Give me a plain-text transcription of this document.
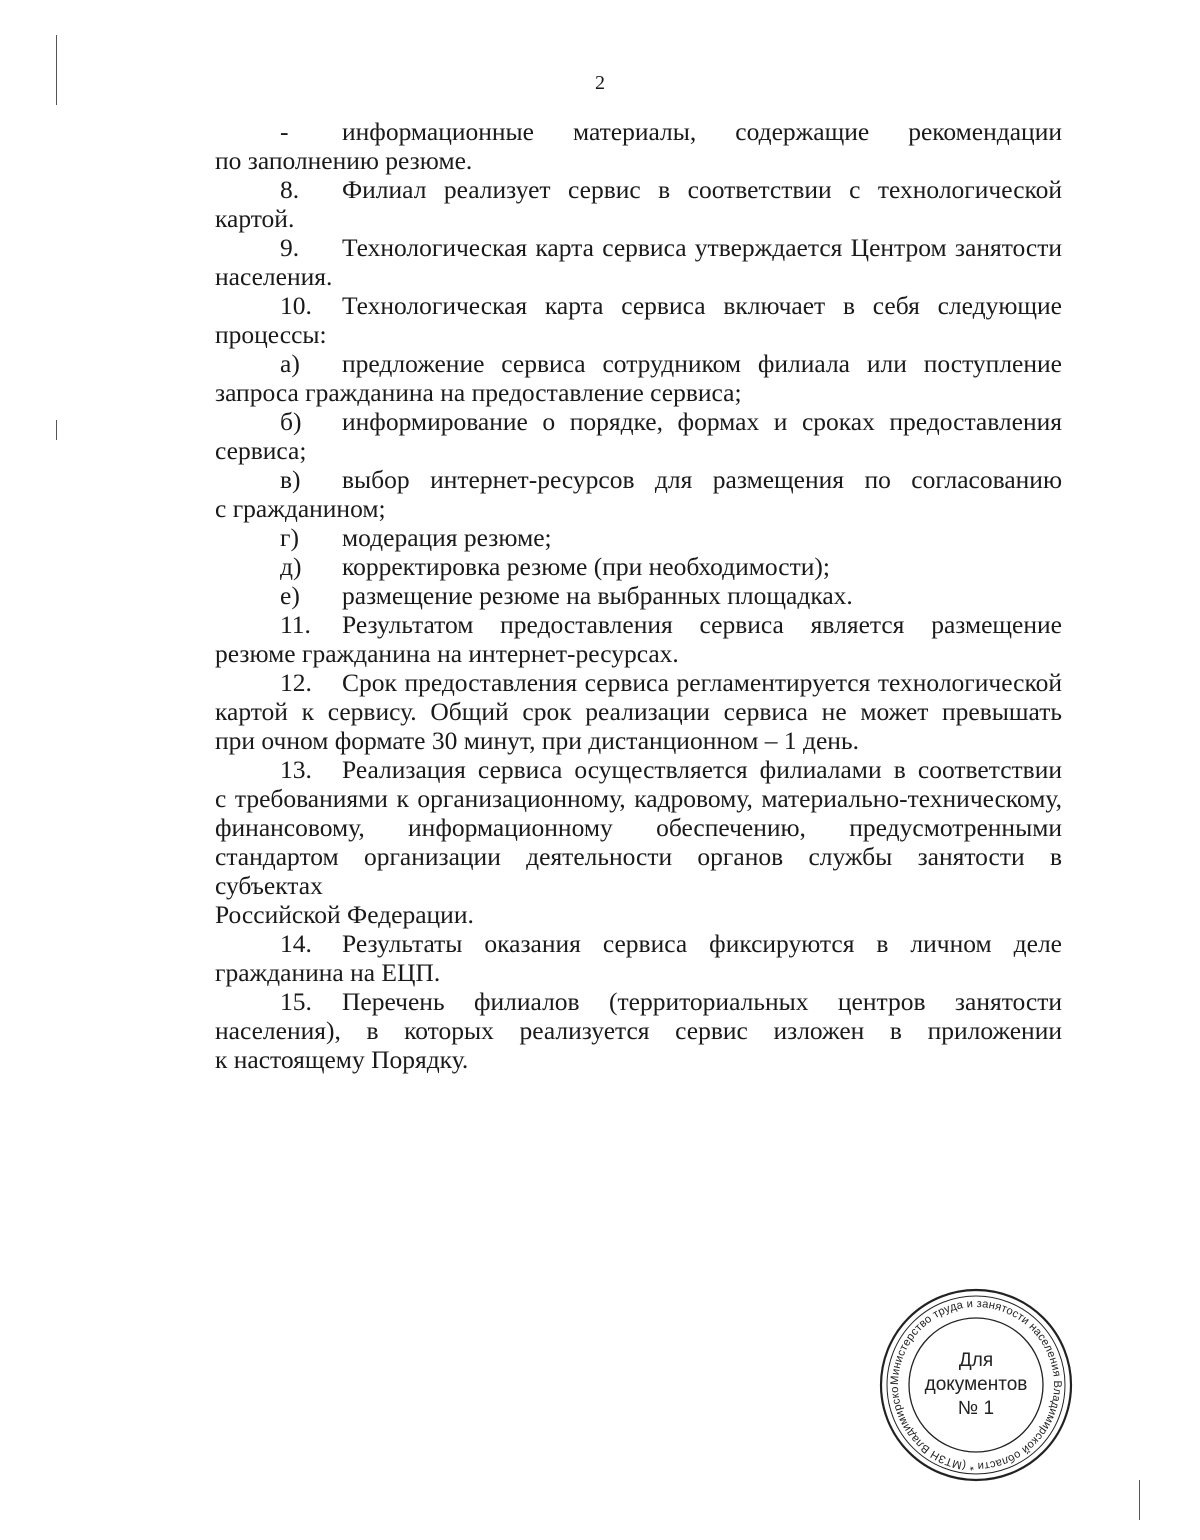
2
-	информационные материалы, содержащие рекомендации
по заполнению резюме.
8.	Филиал реализует сервис в соответствии с технологической
картой.
9.	Технологическая карта сервиса утверждается Центром занятости
населения.
10.	Технологическая карта сервиса включает в себя следующие
процессы:
а)	предложение сервиса сотрудником филиала или поступление
запроса гражданина на предоставление сервиса;
б)	информирование о порядке, формах и сроках предоставления
сервиса;
в)	выбор интернет-ресурсов для размещения по согласованию
с гражданином;
г)	модерация резюме;
д)	корректировка резюме (при необходимости);
е)	размещение резюме на выбранных площадках.
11.	Результатом предоставления сервиса является размещение
резюме гражданина на интернет-ресурсах.
12.	Срок предоставления сервиса регламентируется технологической
картой к сервису. Общий срок реализации сервиса не может превышать
при очном формате 30 минут, при дистанционном – 1 день.
13.	Реализация сервиса осуществляется филиалами в соответствии
с требованиями к организационному, кадровому, материально-техническому,
финансовому, информационному обеспечению, предусмотренными
стандартом организации деятельности органов службы занятости в субъектах
Российской Федерации.
14.	Результаты оказания сервиса фиксируются в личном деле
гражданина на ЕЦП.
15.	Перечень филиалов (территориальных центров занятости
населения), в которых реализуется сервис изложен в приложении
к настоящему Порядку.
Министерство труда и занятости населения Владимирской области * (МТЗН Владимирско
Для
документов
№ 1
